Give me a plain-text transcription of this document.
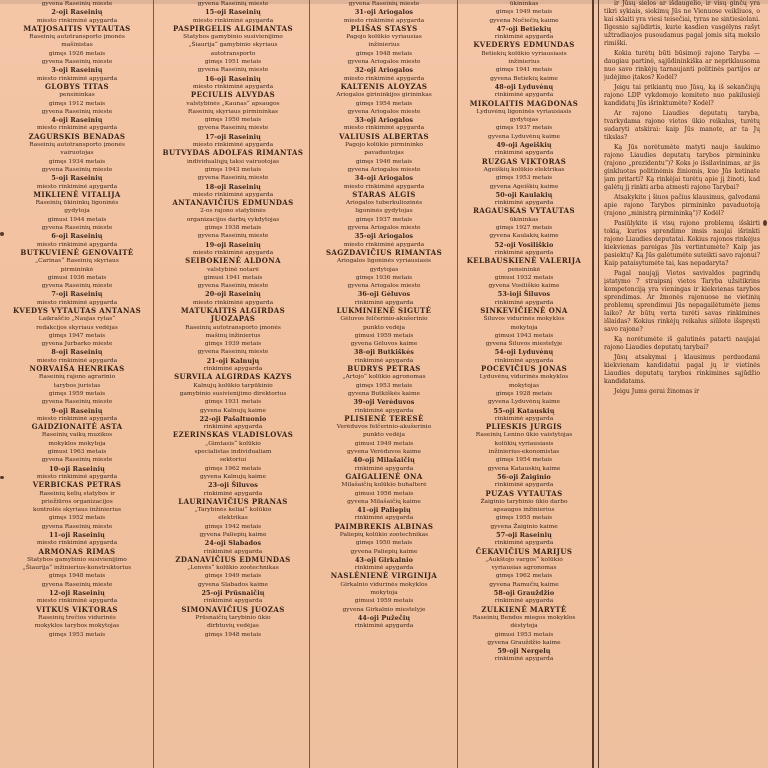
gyvena Raseinių mieste
2-oji Raseinių
miesto rinkiminė apygarda
MATJOSAITIS VYTAUTAS
Raseinių autotransporto įmonės
mašinistas
gimęs 1926 metais
gyvena Raseinių mieste
3-oji Raseinių
miesto rinkiminė apygarda
GLOBYS TITAS
pensininkas
gimęs 1912 metais
gyvena Raseinių mieste
4-oji Raseinių
miesto rinkiminė apygarda
ZAGURSKIS BENADAS
Raseinių autotransporto įmonės
vairuotojas
gimęs 1934 metais
gyvena Raseinių mieste
5-oji Raseinių
miesto rinkiminė apygarda
MIKLIENĖ VITALIJA
Raseinių ūkininkų ligoninės
gydytoja
gimusi 1944 metais
gyvena Raseinių mieste
6-oji Raseinių
miesto rinkiminė apygarda
BUTKUVIENĖ GENOVAITĖ
„Carinas“ Raseinių skyriaus
pirmininkė
gimusi 1936 metais
gyvena Raseinių mieste
7-oji Raseinių
miesto rinkiminė apygarda
KVEDYS VYTAUTAS ANTANAS
Laikraščio „Naujas rytas“
redakcijos skyriaus vedėjas
gimęs 1947 metais
gyvena Jurbarko mieste
8-oji Raseinių
miesto rinkiminė apygarda
NORVAIŠA HENRIKAS
Raseinių rajono agrarinio
tarybos juristas
gimęs 1959 metais
gyvena Raseinių mieste
9-oji Raseinių
miesto rinkiminė apygarda
GAIDZIONAITĖ ASTA
Raseinių vaikų muzikos
mokyklos mokytoja
gimusi 1963 metais
gyvena Raseinių mieste
10-oji Raseinių
miesto rinkiminė apygarda
VERBICKAS PETRAS
Raseinių kelių statybos ir
priežiūros organizacijos
kontrolės skyriaus inžinierius
gimęs 1952 metais
gyvena Raseinių mieste
11-oji Raseinių
miesto rinkiminė apygarda
ARMONAS RIMAS
Statybos gamybinio susivienijimo
„Šiaurija“ inžinierius-konstruktorius
gimęs 1948 metais
gyvena Raseinių mieste
12-oji Raseinių
miesto rinkiminė apygarda
VITKUS VIKTORAS
Raseinių trečios vidurinės
mokyklos tarybos mokytojas
gimęs 1953 metais
gyvena Raseinių mieste
15-oji Raseinių
miesto rinkiminė apygarda
PASPIRGELIS ALGIMANTAS
Statybos gamybinio susivienijimo
„Šiaurija“ gamybinio skyriaus
autotransporto
gimęs 1951 metais
gyvena Raseinių mieste
16-oji Raseinių
miesto rinkiminė apygarda
PECIULIS ALVYDAS
valstybinės „Kaunas“ apsaugos
Raseinių skyriaus pirmininkas
gimęs 1950 metais
gyvena Raseinių mieste
17-oji Raseinių
miesto rinkiminė apygarda
BUTVYDAS ADOLFAS RIMANTAS
individualiųjų taksi vairuotojas
gimęs 1943 metais
gyvena Raseinių mieste
18-oji Raseinių
miesto rinkiminė apygarda
ANTANAVIČIUS EDMUNDAS
2-os rajono statybinės
organizacijos darbų vykdytojas
gimęs 1938 metais
gyvena Raseinių mieste
19-oji Raseinių
miesto rinkiminė apygarda
SEIBOKIENĖ ALDONA
valstybinė notarė
gimusi 1941 metais
gyvena Raseinių mieste
20-oji Raseinių
miesto rinkiminė apygarda
MATUKAITIS ALGIRDAS JUOZAPAS
Raseinių autotransporto įmonės
mašinų inžinierius
gimęs 1939 metais
gyvena Raseinių mieste
21-oji Kalnujų
rinkiminė apygarda
SURVILA ALGIRDAS KAZYS
Kalnujų kolūkio tarpūkinio
gamybinio susivienijimo direktorius
gimęs 1931 metais
gyvena Kalnujų kaime
22-oji Pašaltuonio
rinkiminė apygarda
EZERINSKAS VLADISLOVAS
„Gimtasis“ kolūkio
specialistas individualiam
sektoriui
gimęs 1962 metais
gyvena Kalnujų kaime
23-oji Šiluvos
rinkiminė apygarda
LAURINAVIČIUS PRANAS
„Tarybinės keliai“ kolūkio
elektrikas
gimęs 1942 metais
gyvena Paliepių kaime
24-oji Slabados
rinkiminė apygarda
ZDANAVIČIUS EDMUNDAS
„Lenvės“ kolūkio zootechnikas
gimęs 1949 metais
gyvena Slabados kaime
25-oji Prūsnaičių
rinkiminė apygarda
SIMONAVIČIUS JUOZAS
Prūsnaičių tarybinio ūkio
dirbtuvių vedėjas
gimęs 1948 metais
gyvena Raseinių mieste
31-oji Ariogalos
miesto rinkiminė apygarda
PLIŠAS STASYS
Pagojo kolūkio vyriausias
inžinierius
gimęs 1948 metais
gyvena Ariogalos mieste
32-oji Ariogalos
miesto rinkiminė apygarda
KALTENIS ALOYZAS
Ariogalos girininkijos girininkas
gimęs 1954 metais
gyvena Ariogalos mieste
33-oji Ariogalos
miesto rinkiminė apygarda
VALIUSIS ALBERTAS
Pagojo kolūkio pirmininko
pavaduotojas
gimęs 1946 metais
gyvena Ariogalos mieste
34-oji Ariogalos
miesto rinkiminė apygarda
STARAS ALGIS
Ariogalos tuberkuliozinės
ligoninės gydytojas
gimęs 1937 metais
gyvena Ariogalos mieste
35-oji Ariogalos
miesto rinkiminė apygarda
SAGZDAVIČIUS RIMANTAS
Ariogalos ligoninės vyriausiasis
gydytojas
gimęs 1936 metais
gyvena Ariogalos mieste
36-oji Gėluvos
rinkiminė apygarda
LUKMINIENĖ SIGUTĖ
Gėluvos felčerinio-akušerinio
punkto vedėja
gimusi 1959 metais
gyvena Gėluvos kaime
38-oji Butkiškės
rinkiminė apygarda
BUDRYS PETRAS
„Artojo“ kolūkio agronomas
gimęs 1953 metais
gyvena Butkiškės kaime
39-oji Verėduvos
rinkiminė apygarda
PLISIENĖ TERESĖ
Verėduvos felčerinio-akušerinio
punkto vedėja
gimusi 1949 metais
gyvena Verėduvos kaime
40-oji Milašaičių
rinkiminė apygarda
GAIGALIENĖ ONA
Milašaičių kolūkio buhalterė
gimusi 1956 metais
gyvena Milašaičių kaime
41-oji Paliepių
rinkiminė apygarda
PAIMBREKIS ALBINAS
Paliepių kolūkio zootechnikas
gimęs 1950 metais
gyvena Paliepių kaime
43-oji Girkalnio
rinkiminė apygarda
NASLĖNIENĖ VIRGINIJA
Girkalnio vidurinės mokyklos
mokytoja
gimusi 1959 metais
gyvena Girkalnio miestelyje
44-oji Pužečių
rinkiminė apygarda
ūkininkas
gimęs 1949 metais
gyvena Nočiečių kaime
47-oji Betiekių
rinkiminė apygarda
KVEDERYS EDMUNDAS
Betiekių kolūkio vyriausiasis
inžinierius
gimęs 1941 metais
gyvena Betiekių kaime
48-oji Lyduvėnų
rinkiminė apygarda
MIKOLAITIS MAGDONAS
Lyduvėnų ligoninės vyriausiasis
gydytojas
gimęs 1937 metais
gyvena Lyduvėnų kaime
49-oji Ageiškių
rinkiminė apygarda
RUZGAS VIKTORAS
Ageiškių kolūkio elektrikas
gimęs 1953 metais
gyvena Ageiškių kaime
50-oji Kaulakių
rinkiminė apygarda
RAGAUSKAS VYTAUTAS
ūkininkas
gimęs 1927 metais
gyvena Kaulakių kaime
52-oji Vosiliškio
rinkiminė apygarda
KELBAUSKIENĖ VALERIJA
pensininkė
gimusi 1932 metais
gyvena Vosiliškio kaime
53-ioji Šiluvos
rinkiminė apygarda
SINKEVIČIENĖ ONA
Šiluvos vidurinės mokyklos
mokytoja
gimusi 1943 metais
gyvena Šiluvos miestelyje
54-oji Lyduvėnų
rinkiminė apygarda
POCEVIČIUS JONAS
Lyduvėnų vidurinės mokyklos
mokytojas
gimęs 1928 metais
gyvena Lyduvėnų kaime
55-oji Katauskių
rinkiminė apygarda
PLIESKIS JURGIS
Raseinių Lenino ūkio vaistytojas
kolūkių vyriausiasis
inžinierius-ekonomistas
gimęs 1954 metais
gyvena Katauskių kaime
56-oji Žaiginio
rinkiminė apygarda
PUZAS VYTAUTAS
Žaiginio tarybinio ūkio darbo
apsaugos inžinierius
gimęs 1955 metais
gyvena Žaiginio kaime
57-oji Raseinių
rinkiminė apygarda
ČEKAVIČIUS MARIJUS
„Aukštojo vargos“ kolūkio
vyriausias agronomas
gimęs 1962 metais
gyvena Ramučių kaime
58-oji Grauždžio
rinkiminė apygarda
ZULKIENĖ MARYTĖ
Raseinių Bendos miegos mokyklos
dėstytoja
gimusi 1953 metais
gyvena Grauždžio kaime
59-oji Nergelų
rinkiminė apygarda

ir Jūsų sielos ar išdaugelio, ir visų ginčų yra tikri sykiais, siekimų Jūs ne Vienuose veikliuos, o kai sklaiti yra viesi teisečiai, tyras ne sintiesiolani. Ilgesnio sąjūdirtis, kurie kasdien vasgėlyns rašyt užtradiaojos pusoudamus pagal jomis sitą mokslo rimiški.

Kokia turėtų būti būsimoji rajono Taryba — daugiau partinė, sąjūdininkiška ar nepriklausoma nuo savo rinkėjų tarnaujanti politinės partijos ar judėjimo įtakos? Kodėl?

Jeigu tai prikiantų nuo Jūsų, ką iš sekančiųjų rajono LDP vykdomojo komiteto nuo pakilusieji kandidatų Jūs išrinktumėte? Kodėl?

Ar rajono Liaudies deputatų taryba, tvarkydama rajono vietos ūkio reikalus, turėtų sudaryti atskirai: kaip Jūs manote, ar ta Jų tikslas?

Ką Jūs norėtumėte matyti naujo šaukimo rajono Liaudies deputatų tarybos pirmininku (rajono „prezidentu“)? Koks jo išsilavinimas, ar jis ginkluotas politinėmis žiniomis, kuo Jūs ketinate jam pritarti? Ką rinkėjai turėtų apie jį žinoti, kad galėtų jį rinkti arba atmesti rajono Tarybai?

Atsakykite į šiuos pačius klausimus, galvodami apie rajono Tarybos pirmininko pavaduotoją (rajono „ministrą pirmininką“)? Kodėl?

Pasiūlykite iš visų rajono problemų išskirti tokią, kurios sprendimo imsis naujai išrinkti rajono Liaudies deputatai. Kokius rajonos rinkėjus kiekvienas pareigas Jūs vertintumėte? Kaip jas pasiektų? Ką Jūs galėtumėte suteikti savo rajonui? Kaip pataisytumėte tai, kas nepadaryta?

Pagal naująjį Vietos savivaldos pagrindų įstatymo 7 straipsnį vietos Taryba užsitikrins kompetenciją yra vieningas ir kiekvienas tarybos sprendimas. Ar žmonės rajonuose ne vietinių problemų sprendimui Jūs nepagailėtumėte jiems laiko? Ar būtų verta turėti savas rinkimines išlaidas? Kokius rinkėjų reikalus siūlote išspręsti savo rajone?

Ką norėtumėte iš galutinės patarti naujajai rajono Liaudies deputatų tarybai?

Jūsų atsakymai į klausimus perduodami kiekvienam kandidatui pagal jų ir vietinės Liaudies deputatų tarybos rinkimines sąjūdžio kandidatams.

Jeigu Jums gerai žinomas ir
